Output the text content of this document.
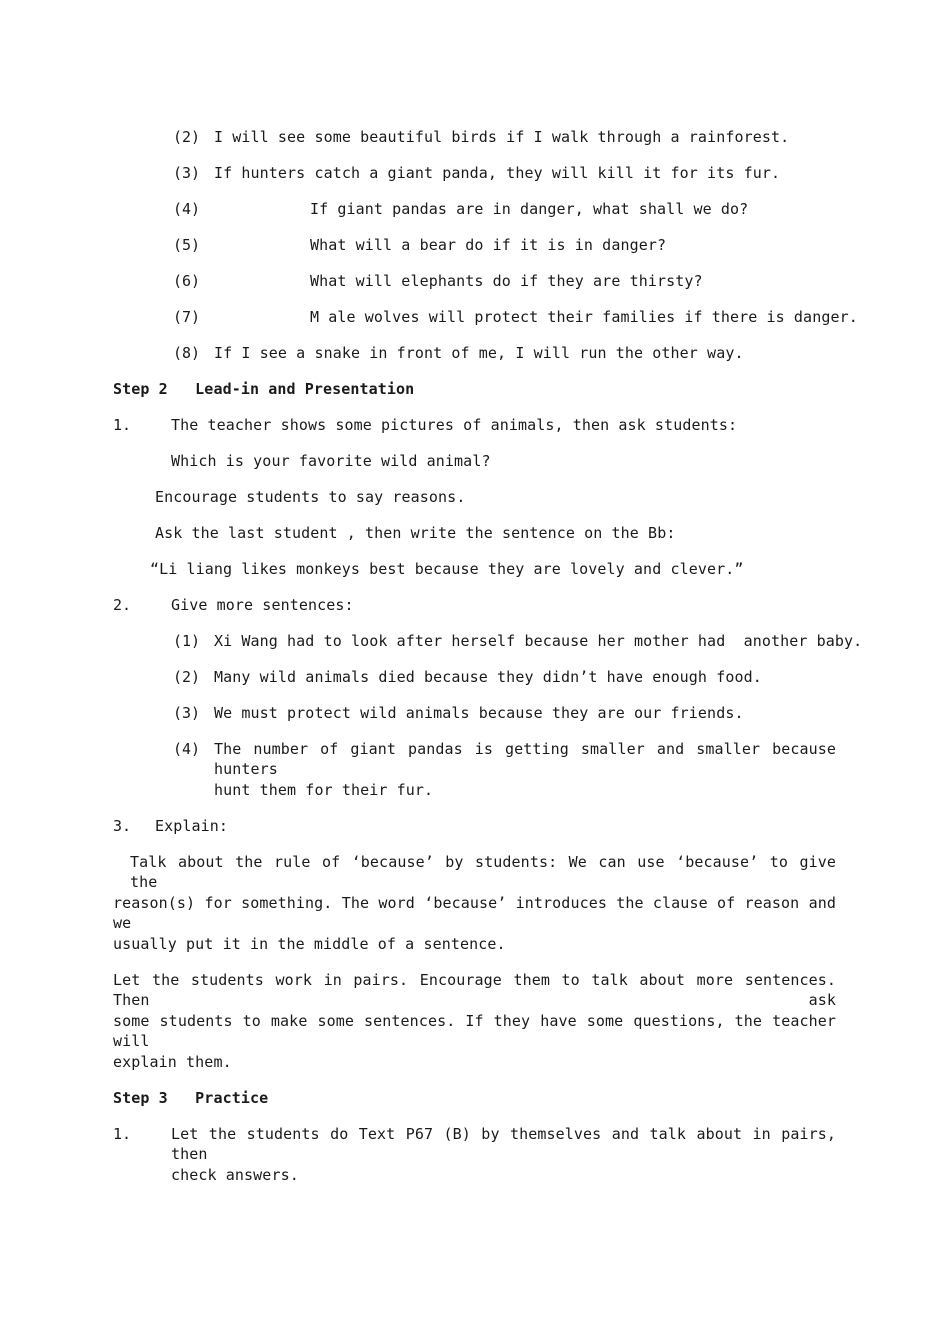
(2) I will see some beautiful birds if I walk through a rainforest.
(3) If hunters catch a giant panda, they will kill it for its fur.
(4)	If giant pandas are in danger, what shall we do?
(5)	What will a bear do if it is in danger?
(6)	What will elephants do if they are thirsty?
(7)	M ale wolves will protect their families if there is danger.
(8) If I see a snake in front of me, I will run the other way.
Step 2   Lead-in and Presentation
1.	The teacher shows some pictures of animals, then ask students:
Which is your favorite wild animal?
Encourage students to say reasons.
Ask the last student , then write the sentence on the Bb:
“Li liang likes monkeys best because they are lovely and clever.”
2.	Give more sentences:
(1) Xi Wang had to look after herself because her mother had  another baby.
(2) Many wild animals died because they didn’t have enough food.
(3) We must protect wild animals because they are our friends.
(4) The number of giant pandas is getting smaller and smaller because hunters
hunt them for their fur.
3. Explain:
Talk about the rule of ‘because’ by students: We can use ‘because’ to give the
reason(s) for something. The word ‘because’ introduces the clause of reason and we
usually put it in the middle of a sentence.
Let the students work in pairs. Encourage them to talk about more sentences. Then ask
some students to make some sentences. If they have some questions, the teacher will
explain them.
Step 3   Practice
1.	Let the students do Text P67 (B) by themselves and talk about in pairs, then
check answers.
